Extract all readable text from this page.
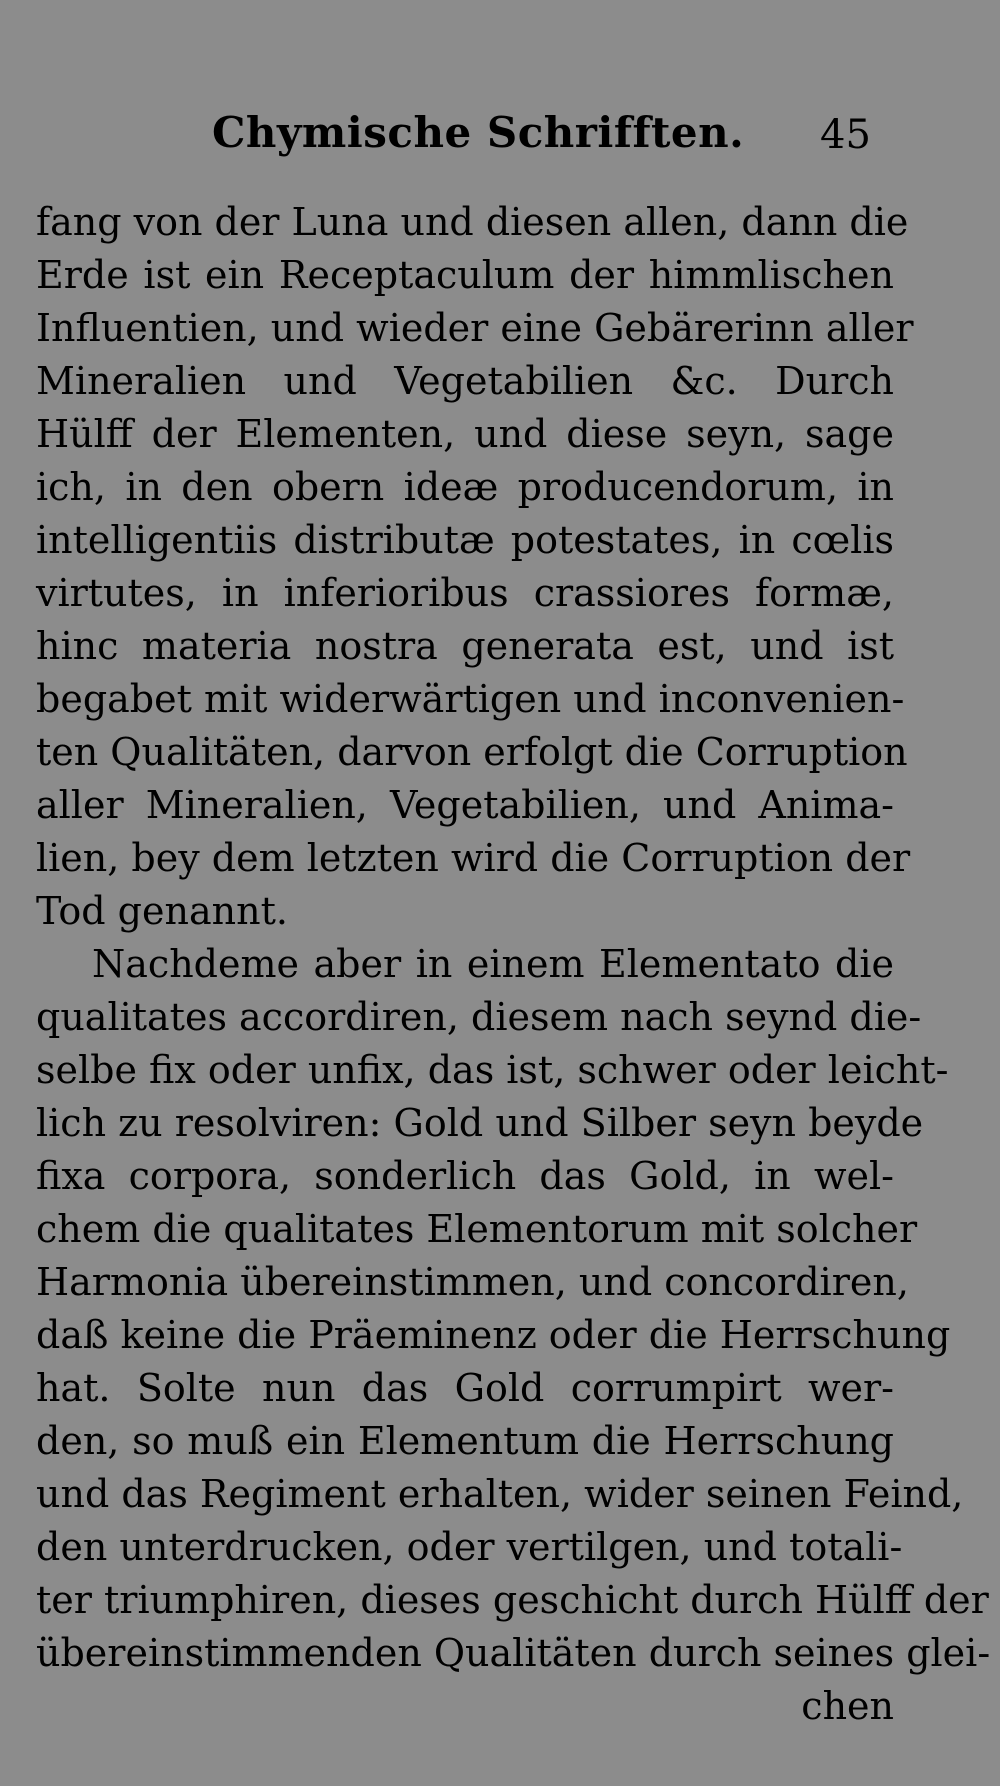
Chymische Schrifften. 45
fang von der Luna und diesen allen, dann die
Erde ist ein Receptaculum der himmlischen
Influentien, und wieder eine Gebärerinn aller
Mineralien und Vegetabilien &c. Durch
Hülff der Elementen, und diese seyn, sage
ich, in den obern ideæ producendorum, in
intelligentiis distributæ potestates, in cœlis
virtutes, in inferioribus crassiores formæ,
hinc materia nostra generata est, und ist
begabet mit widerwärtigen und inconvenien-
ten Qualitäten, darvon erfolgt die Corruption
aller Mineralien, Vegetabilien, und Anima-
lien, bey dem letzten wird die Corruption der
Tod genannt.
Nachdeme aber in einem Elementato die
qualitates accordiren, diesem nach seynd die-
selbe fix oder unfix, das ist, schwer oder leicht-
lich zu resolviren: Gold und Silber seyn beyde
fixa corpora, sonderlich das Gold, in wel-
chem die qualitates Elementorum mit solcher
Harmonia übereinstimmen, und concordiren,
daß keine die Präeminenz oder die Herrschung
hat. Solte nun das Gold corrumpirt wer-
den, so muß ein Elementum die Herrschung
und das Regiment erhalten, wider seinen Feind,
den unterdrucken, oder vertilgen, und totali-
ter triumphiren, dieses geschicht durch Hülff der
übereinstimmenden Qualitäten durch seines glei-
chen
